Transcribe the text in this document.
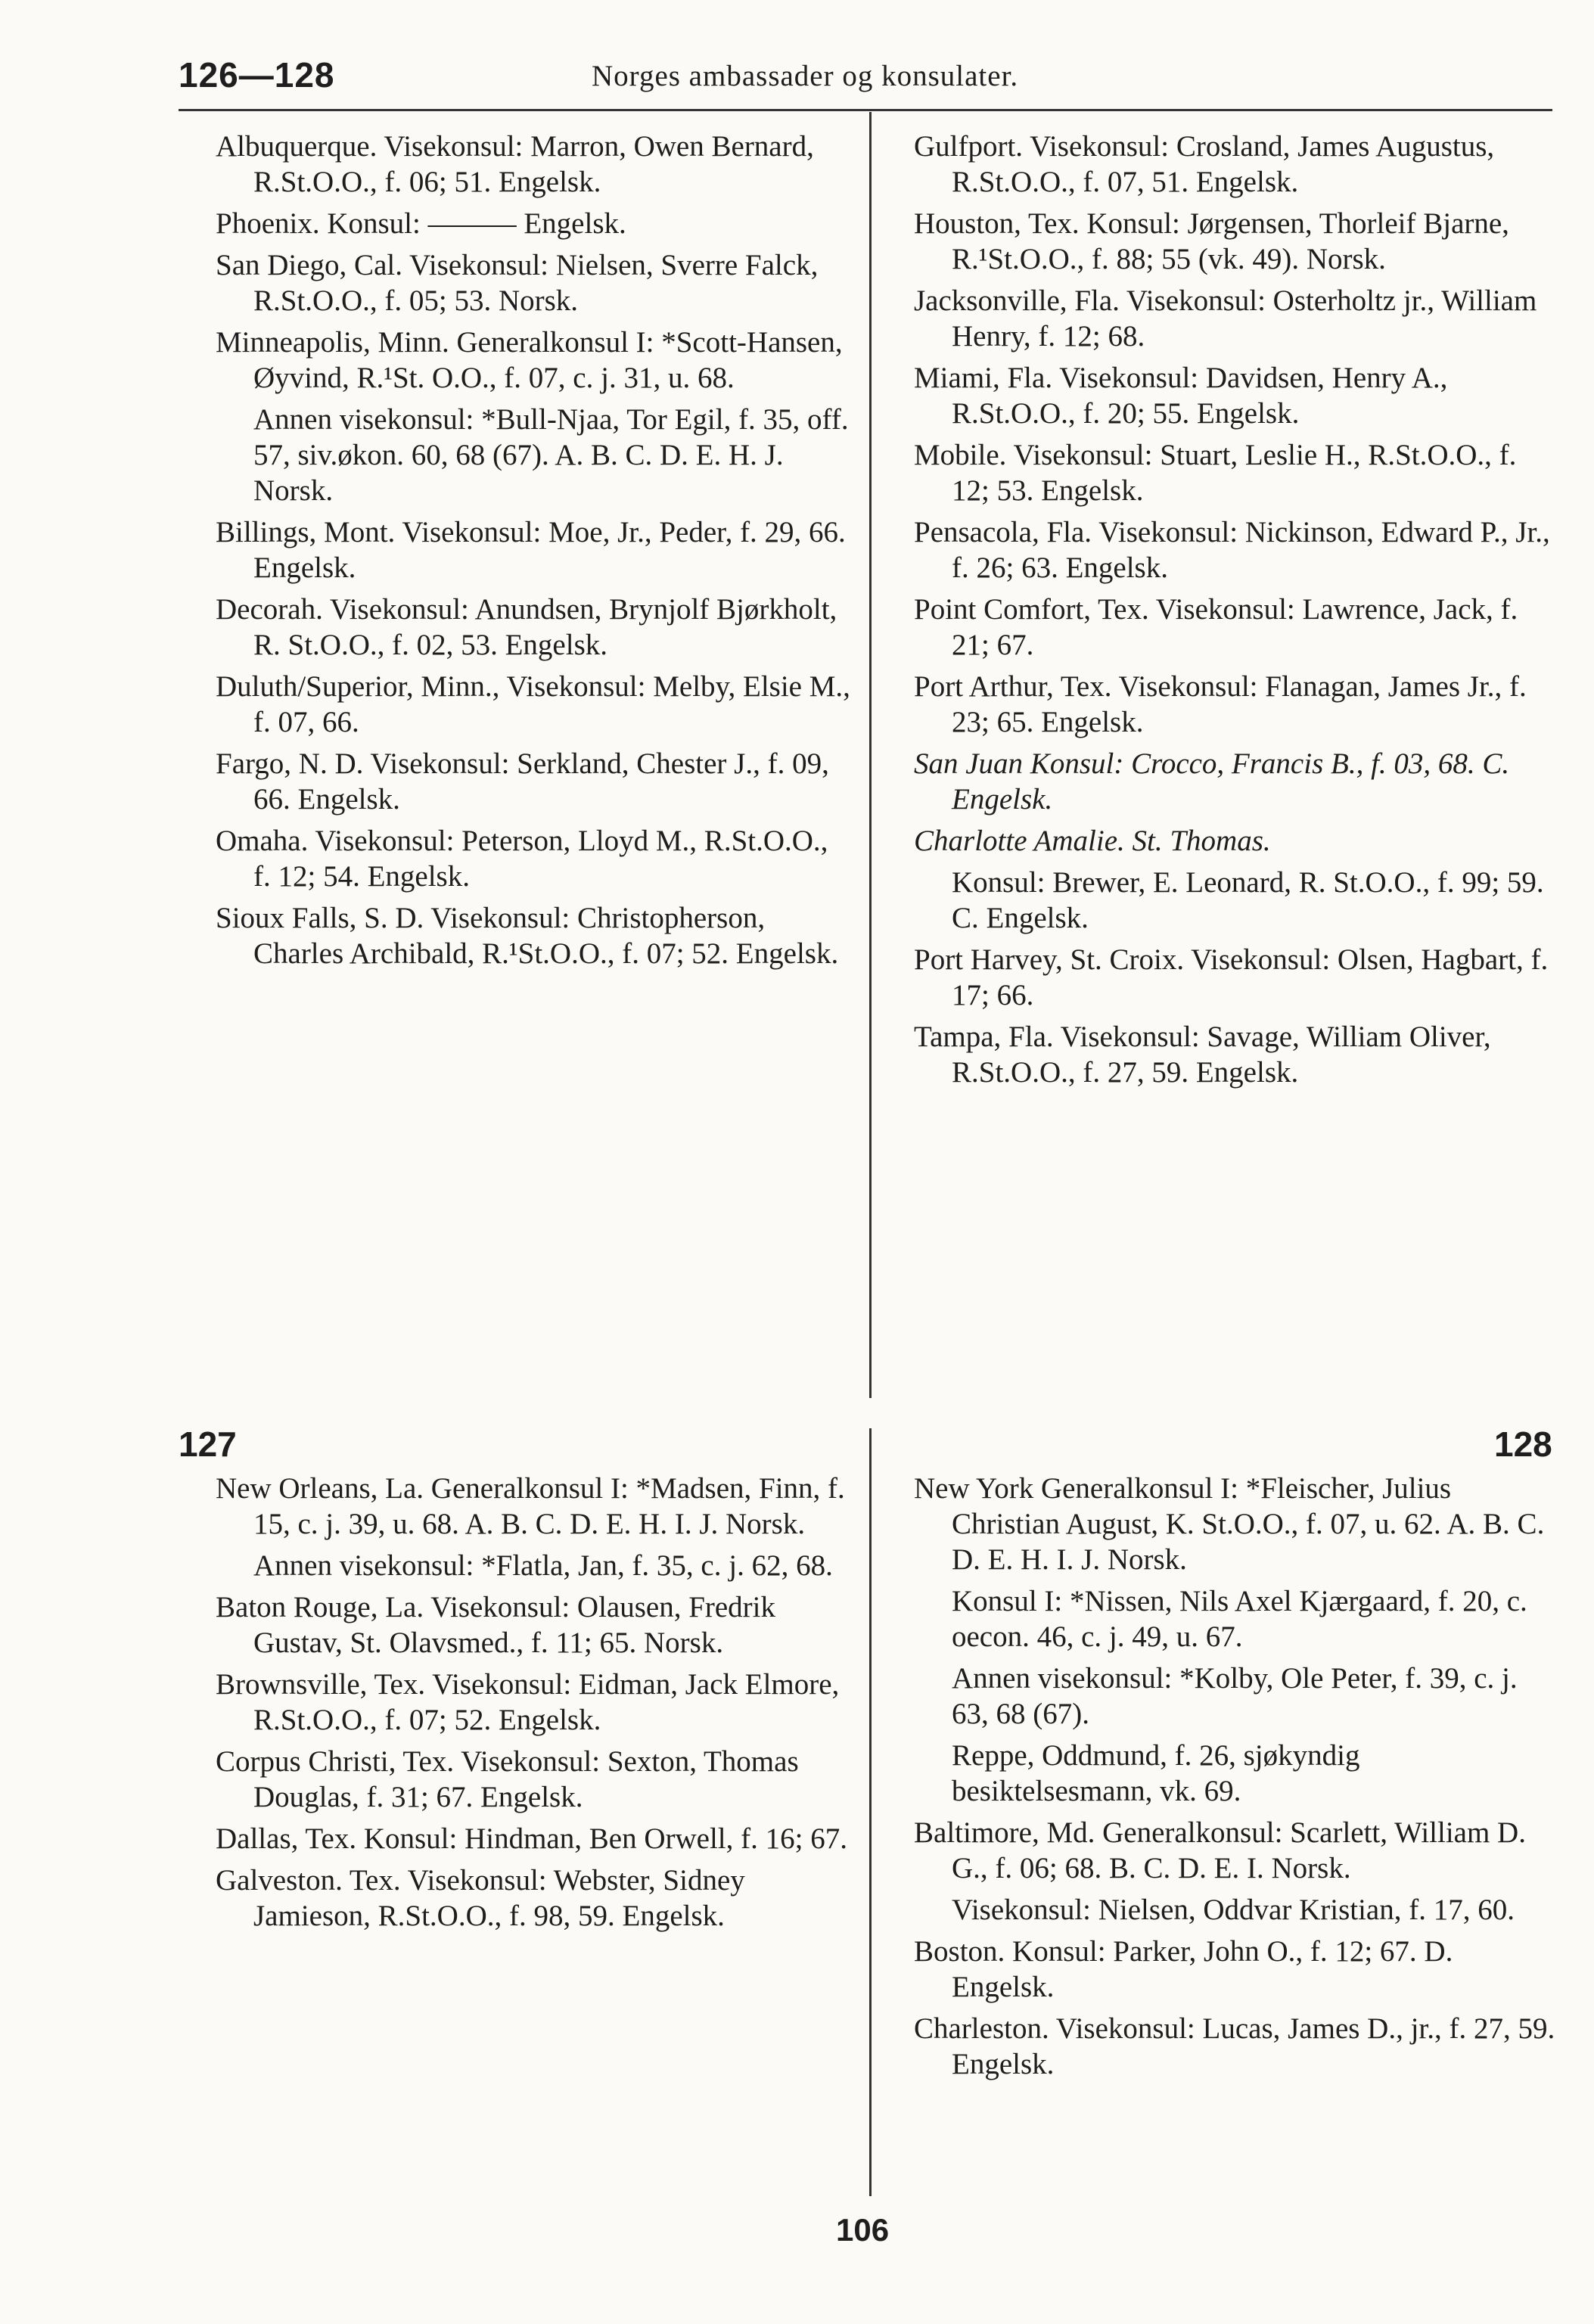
126—128	Norges ambassader og konsulater.

Albuquerque. Visekonsul: Marron, Owen Bernard, R.St.O.O., f. 06; 51. Engelsk.

Phoenix. Konsul: ——— Engelsk.

San Diego, Cal. Visekonsul: Nielsen, Sverre Falck, R.St.O.O., f. 05; 53. Norsk.

Minneapolis, Minn. Generalkonsul I: *Scott-Hansen, Øyvind, R.¹St. O.O., f. 07, c. j. 31, u. 68.

Annen visekonsul: *Bull-Njaa, Tor Egil, f. 35, off. 57, siv.økon. 60, 68 (67). A. B. C. D. E. H. J. Norsk.

Billings, Mont. Visekonsul: Moe, Jr., Peder, f. 29, 66. Engelsk.

Decorah. Visekonsul: Anundsen, Brynjolf Bjørkholt, R. St.O.O., f. 02, 53. Engelsk.

Duluth/Superior, Minn., Visekonsul: Melby, Elsie M., f. 07, 66.

Fargo, N. D. Visekonsul: Serkland, Chester J., f. 09, 66. Engelsk.

Omaha. Visekonsul: Peterson, Lloyd M., R.St.O.O., f. 12; 54. Engelsk.

Sioux Falls, S. D. Visekonsul: Christopherson, Charles Archibald, R.¹St.O.O., f. 07; 52. Engelsk.

Gulfport. Visekonsul: Crosland, James Augustus, R.St.O.O., f. 07, 51. Engelsk.

Houston, Tex. Konsul: Jørgensen, Thorleif Bjarne, R.¹St.O.O., f. 88; 55 (vk. 49). Norsk.

Jacksonville, Fla. Visekonsul: Osterholtz jr., William Henry, f. 12; 68.

Miami, Fla. Visekonsul: Davidsen, Henry A., R.St.O.O., f. 20; 55. Engelsk.

Mobile. Visekonsul: Stuart, Leslie H., R.St.O.O., f. 12; 53. Engelsk.

Pensacola, Fla. Visekonsul: Nickinson, Edward P., Jr., f. 26; 63. Engelsk.

Point Comfort, Tex. Visekonsul: Lawrence, Jack, f. 21; 67.

Port Arthur, Tex. Visekonsul: Flanagan, James Jr., f. 23; 65. Engelsk.

San Juan Konsul: Crocco, Francis B., f. 03, 68. C. Engelsk.

Charlotte Amalie. St. Thomas.

Konsul: Brewer, E. Leonard, R. St.O.O., f. 99; 59. C. Engelsk.

Port Harvey, St. Croix. Visekonsul: Olsen, Hagbart, f. 17; 66.

Tampa, Fla. Visekonsul: Savage, William Oliver, R.St.O.O., f. 27, 59. Engelsk.

127	128

New Orleans, La. Generalkonsul I: *Madsen, Finn, f. 15, c. j. 39, u. 68. A. B. C. D. E. H. I. J. Norsk.

Annen visekonsul: *Flatla, Jan, f. 35, c. j. 62, 68.

Baton Rouge, La. Visekonsul: Olausen, Fredrik Gustav, St. Olavsmed., f. 11; 65. Norsk.

Brownsville, Tex. Visekonsul: Eidman, Jack Elmore, R.St.O.O., f. 07; 52. Engelsk.

Corpus Christi, Tex. Visekonsul: Sexton, Thomas Douglas, f. 31; 67. Engelsk.

Dallas, Tex. Konsul: Hindman, Ben Orwell, f. 16; 67.

Galveston. Tex. Visekonsul: Webster, Sidney Jamieson, R.St.O.O., f. 98, 59. Engelsk.

New York Generalkonsul I: *Fleischer, Julius Christian August, K. St.O.O., f. 07, u. 62. A. B. C. D. E. H. I. J. Norsk.

Konsul I: *Nissen, Nils Axel Kjærgaard, f. 20, c. oecon. 46, c. j. 49, u. 67.

Annen visekonsul: *Kolby, Ole Peter, f. 39, c. j. 63, 68 (67).

Reppe, Oddmund, f. 26, sjøkyndig besiktelsesmann, vk. 69.

Baltimore, Md. Generalkonsul: Scarlett, William D. G., f. 06; 68. B. C. D. E. I. Norsk.

Visekonsul: Nielsen, Oddvar Kristian, f. 17, 60.

Boston. Konsul: Parker, John O., f. 12; 67. D. Engelsk.

Charleston. Visekonsul: Lucas, James D., jr., f. 27, 59. Engelsk.

106
